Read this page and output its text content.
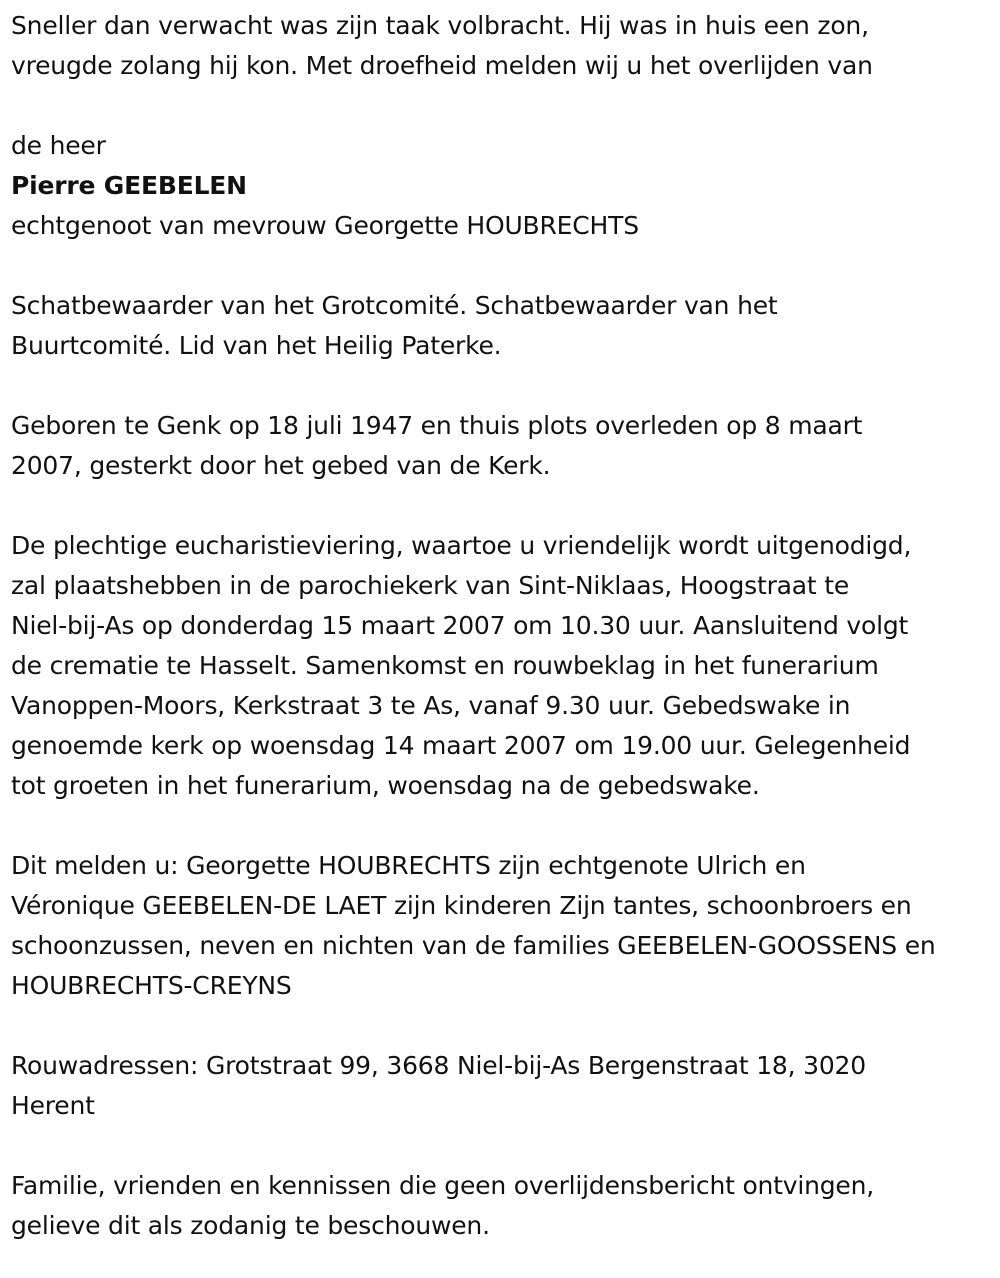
Sneller dan verwacht was zijn taak volbracht. Hij was in huis een zon,
vreugde zolang hij kon. Met droefheid melden wij u het overlijden van

de heer

Pierre GEEBELEN

echtgenoot van mevrouw Georgette HOUBRECHTS

Schatbewaarder van het Grotcomité. Schatbewaarder van het
Buurtcomité. Lid van het Heilig Paterke.

Geboren te Genk op 18 juli 1947 en thuis plots overleden op 8 maart
2007, gesterkt door het gebed van de Kerk.

De plechtige eucharistieviering, waartoe u vriendelijk wordt uitgenodigd,
zal plaatshebben in de parochiekerk van Sint-Niklaas, Hoogstraat te
Niel-bij-As op donderdag 15 maart 2007 om 10.30 uur. Aansluitend volgt
de crematie te Hasselt. Samenkomst en rouwbeklag in het funerarium
Vanoppen-Moors, Kerkstraat 3 te As, vanaf 9.30 uur. Gebedswake in
genoemde kerk op woensdag 14 maart 2007 om 19.00 uur. Gelegenheid
tot groeten in het funerarium, woensdag na de gebedswake.

Dit melden u: Georgette HOUBRECHTS zijn echtgenote Ulrich en
Véronique GEEBELEN-DE LAET zijn kinderen Zijn tantes, schoonbroers en
schoonzussen, neven en nichten van de families GEEBELEN-GOOSSENS en
HOUBRECHTS-CREYNS

Rouwadressen: Grotstraat 99, 3668 Niel-bij-As Bergenstraat 18, 3020
Herent

Familie, vrienden en kennissen die geen overlijdensbericht ontvingen,
gelieve dit als zodanig te beschouwen.
